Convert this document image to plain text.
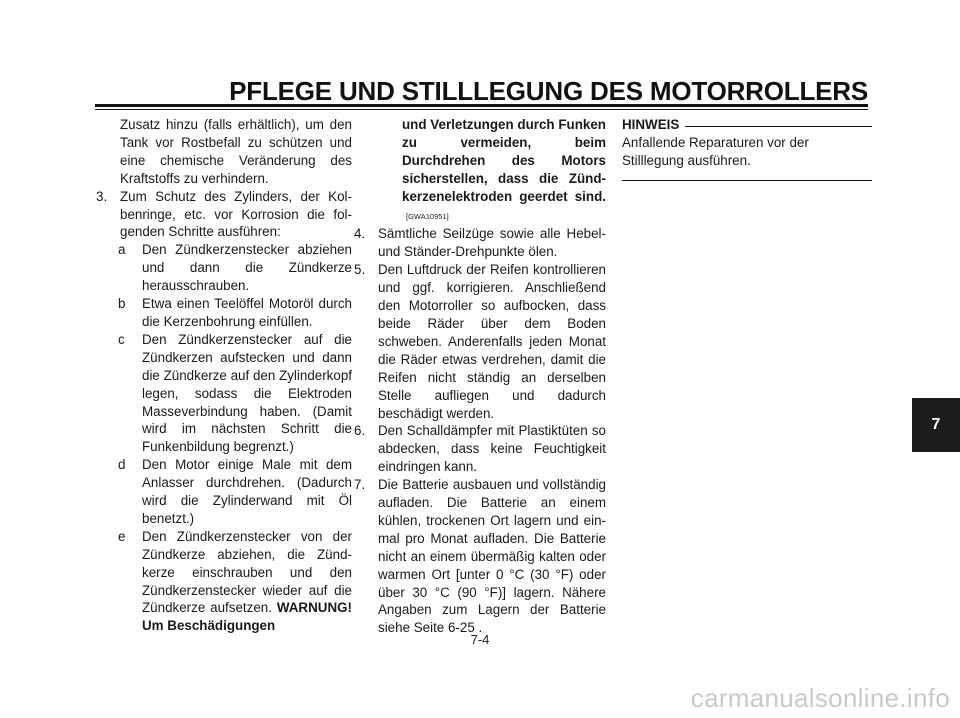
PFLEGE UND STILLLEGUNG DES MOTORROLLERS

Zusatz hinzu (falls erhältlich), um den Tank vor Rostbefall zu schützen und eine chemische Veränderung des Kraftstoffs zu verhindern.

3. Zum Schutz des Zylinders, der Kolbenringe, etc. vor Korrosion die folgenden Schritte ausführen:
a	Den Zündkerzenstecker abziehen und dann die Zündkerze herausschrauben.
b	Etwa einen Teelöffel Motoröl durch die Kerzenbohrung einfüllen.
c	Den Zündkerzenstecker auf die Zündkerzen aufstecken und dann die Zündkerze auf den Zylinderkopf legen, sodass die Elektroden Masseverbindung haben. (Damit wird im nächsten Schritt die Funkenbildung begrenzt.)
d	Den Motor einige Male mit dem Anlasser durchdrehen. (Dadurch wird die Zylinderwand mit Öl benetzt.)
e	Den Zündkerzenstecker von der Zündkerze abziehen, die Zündkerze einschrauben und den Zündkerzenstecker wieder auf die Zündkerze aufsetzen. WARNUNG! Um Beschädigungen
und Verletzungen durch Funken zu vermeiden, beim Durchdrehen des Motors sicherstellen, dass die Zündkerzenelektroden geerdet sind.[GWA10951]
4. Sämtliche Seilzüge sowie alle Hebel- und Ständer-Drehpunkte ölen.
5. Den Luftdruck der Reifen kontrollieren und ggf. korrigieren. Anschließend den Motorroller so aufbocken, dass beide Räder über dem Boden schweben. Anderenfalls jeden Monat die Räder etwas verdrehen, damit die Reifen nicht ständig an derselben Stelle aufliegen und dadurch beschädigt werden.
6. Den Schalldämpfer mit Plastiktüten so abdecken, dass keine Feuchtigkeit eindringen kann.
7. Die Batterie ausbauen und vollständig aufladen. Die Batterie an einem kühlen, trockenen Ort lagern und einmal pro Monat aufladen. Die Batterie nicht an einem übermäßig kalten oder warmen Ort [unter 0 °C (30 °F) oder über 30 °C (90 °F)] lagern. Nähere Angaben zum Lagern der Batterie siehe Seite 6-25 .
HINWEIS

Anfallende Reparaturen vor der Stilllegung ausführen.

7
7-4
carmanualsonline.info
